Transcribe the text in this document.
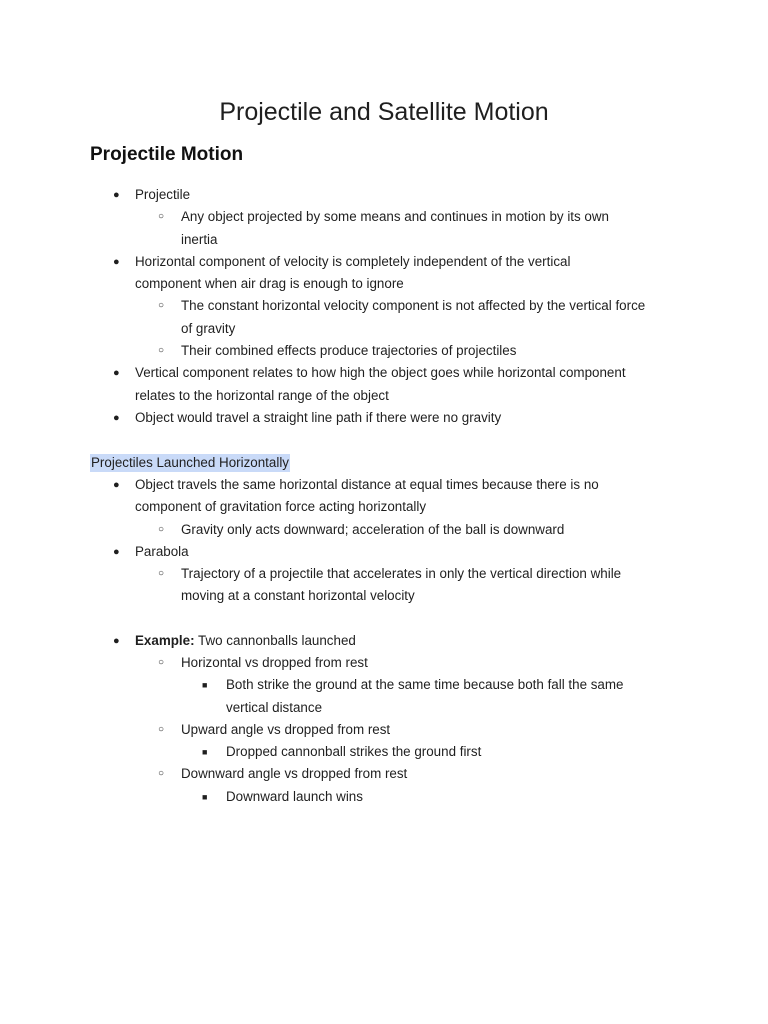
Projectile and Satellite Motion
Projectile Motion
● Projectile
○ Any object projected by some means and continues in motion by its own
inertia
● Horizontal component of velocity is completely independent of the vertical
component when air drag is enough to ignore
○ The constant horizontal velocity component is not affected by the vertical force
of gravity
○ Their combined effects produce trajectories of projectiles
● Vertical component relates to how high the object goes while horizontal component
relates to the horizontal range of the object
● Object would travel a straight line path if there were no gravity
Projectiles Launched Horizontally
● Object travels the same horizontal distance at equal times because there is no
component of gravitation force acting horizontally
○ Gravity only acts downward; acceleration of the ball is downward
● Parabola
○ Trajectory of a projectile that accelerates in only the vertical direction while
moving at a constant horizontal velocity
● Example: Two cannonballs launched
○ Horizontal vs dropped from rest
■ Both strike the ground at the same time because both fall the same
vertical distance
○ Upward angle vs dropped from rest
■ Dropped cannonball strikes the ground first
○ Downward angle vs dropped from rest
■ Downward launch wins
